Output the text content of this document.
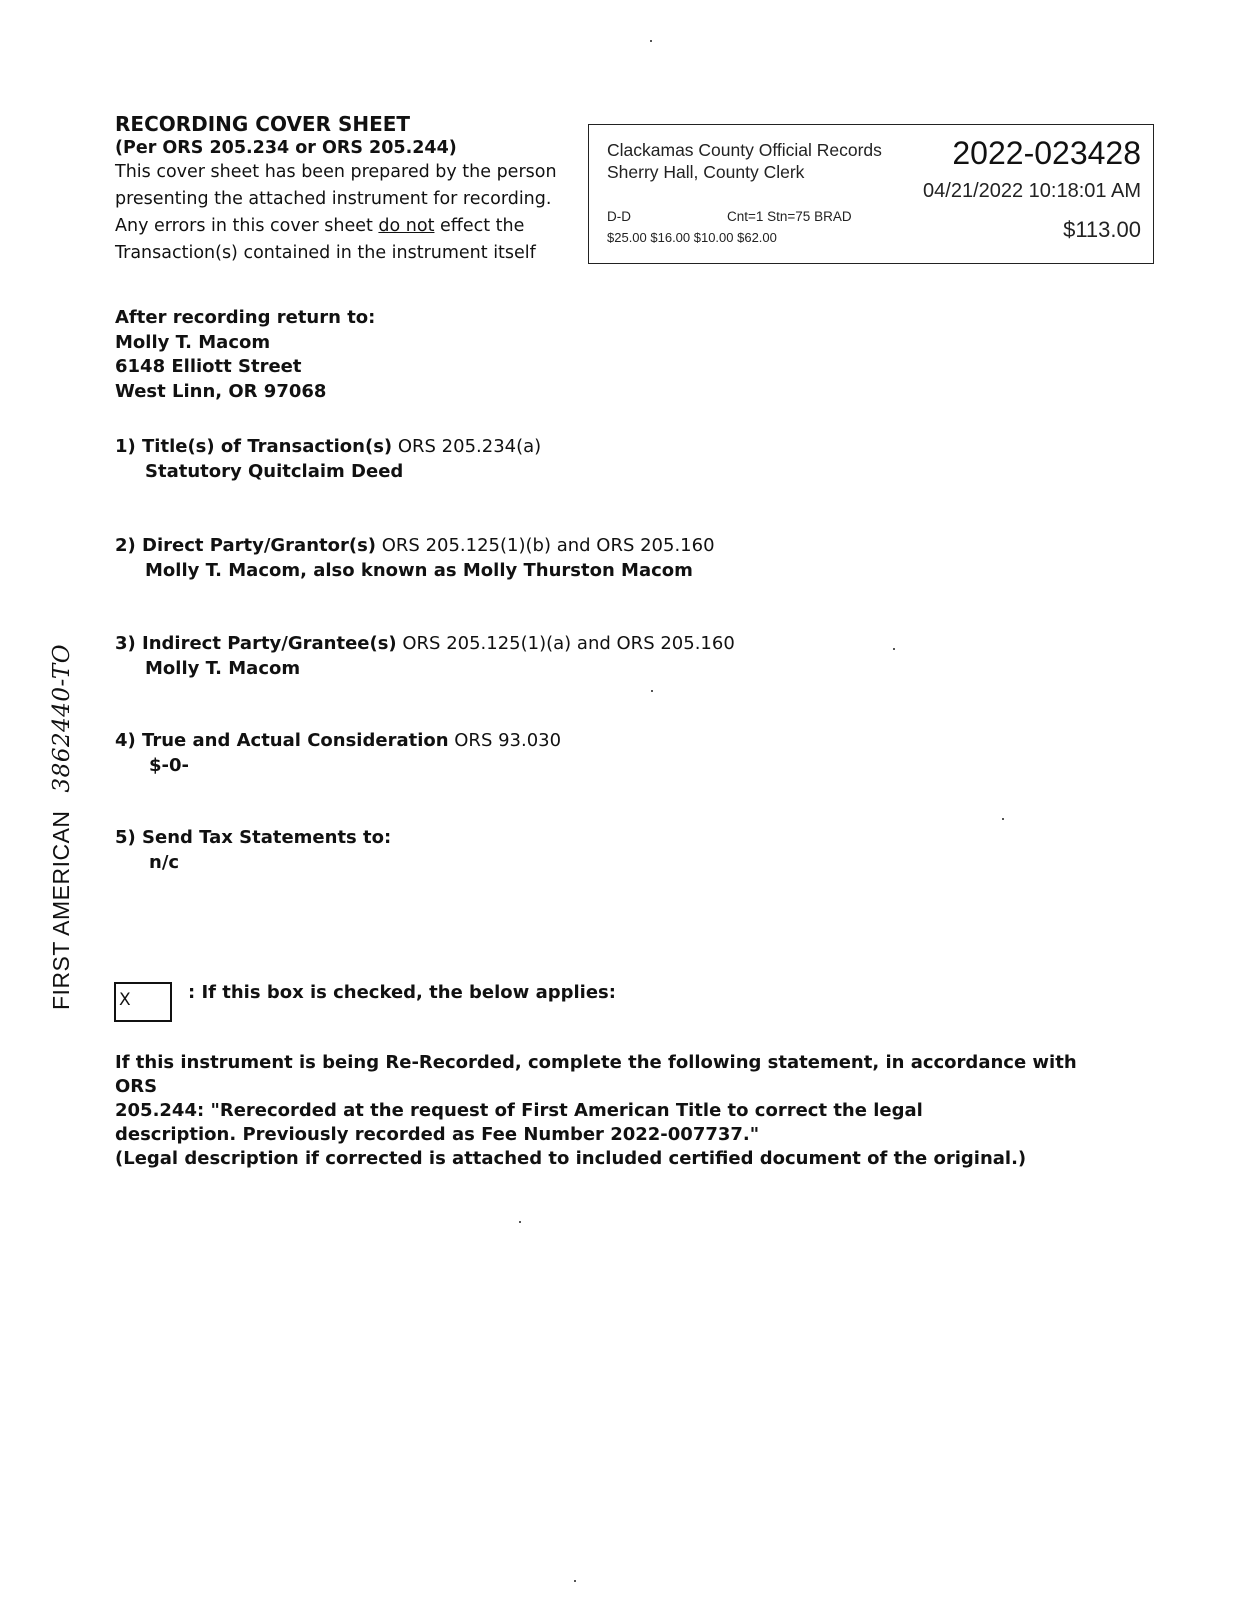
RECORDING COVER SHEET
(Per ORS 205.234 or ORS 205.244)
This cover sheet has been prepared by the person
presenting the attached instrument for recording.
Any errors in this cover sheet do not effect the
Transaction(s) contained in the instrument itself
Clackamas County Official Records
Sherry Hall, County Clerk
2022-023428
04/21/2022 10:18:01 AM
D-D	Cnt=1 Stn=75 BRAD
$25.00 $16.00 $10.00 $62.00	$113.00
After recording return to:
Molly T. Macom
6148 Elliott Street
West Linn, OR 97068
1) Title(s) of Transaction(s) ORS 205.234(a)
Statutory Quitclaim Deed
2) Direct Party/Grantor(s) ORS 205.125(1)(b) and ORS 205.160
Molly T. Macom, also known as Molly Thurston Macom
3) Indirect Party/Grantee(s) ORS 205.125(1)(a) and ORS 205.160
Molly T. Macom
4) True and Actual Consideration ORS 93.030
$-0-
5) Send Tax Statements to:
n/c
FIRST AMERICAN3862440-TO
X	: If this box is checked, the below applies:
If this instrument is being Re-Recorded, complete the following statement, in accordance with ORS
205.244: "Rerecorded at the request of First American Title to correct the legal
description. Previously recorded as Fee Number 2022-007737."
(Legal description if corrected is attached to included certified document of the original.)
